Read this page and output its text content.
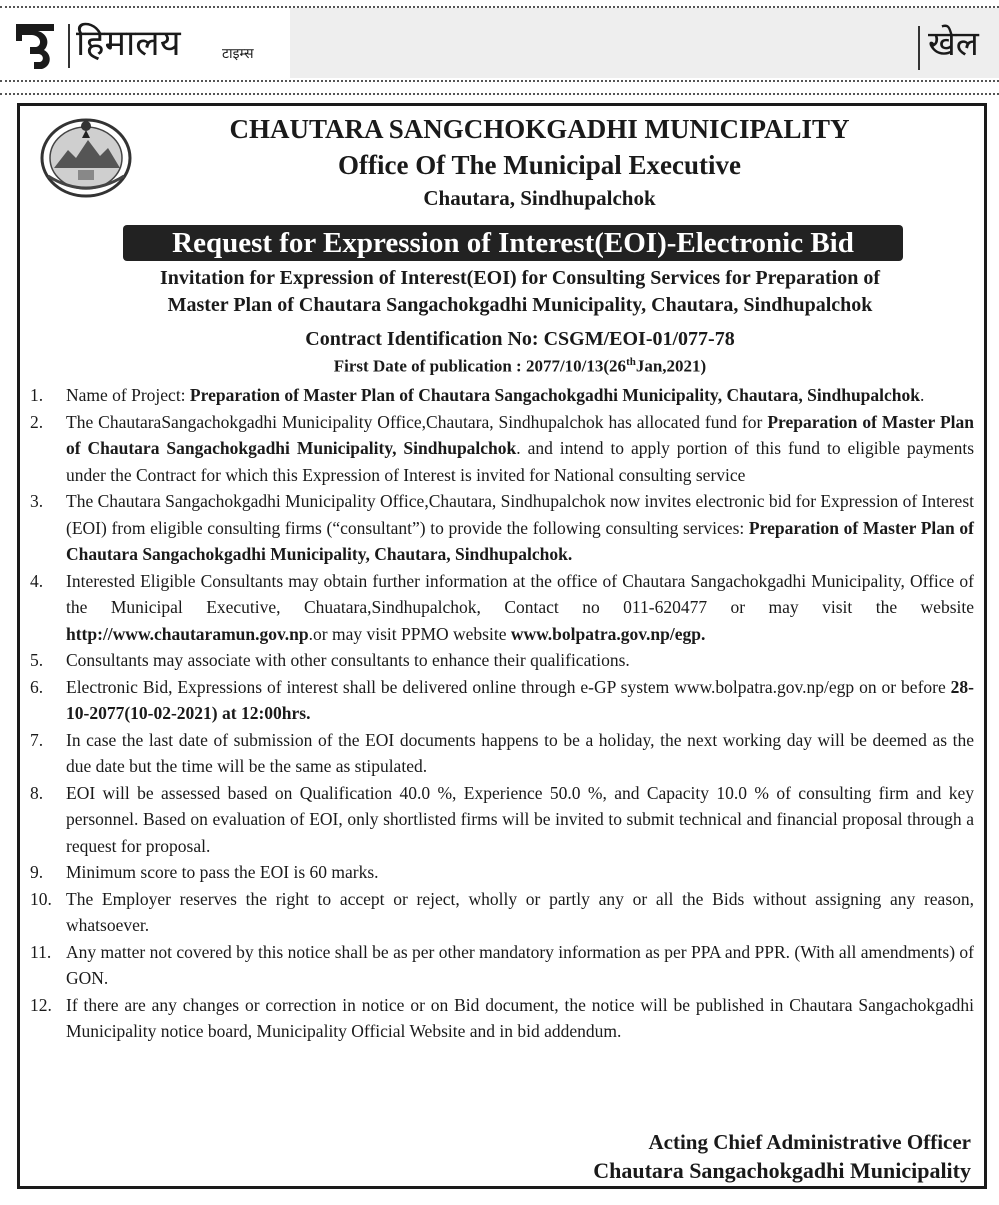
हिमालय	टाइम्स	खेल
CHAUTARA SANGCHOKGADHI MUNICIPALITY
Office Of The Municipal Executive
Chautara, Sindhupalchok
Request for Expression of Interest(EOI)-Electronic Bid
Invitation for Expression of Interest(EOI) for Consulting Services for Preparation of
Master Plan of Chautara Sangachokgadhi Municipality, Chautara, Sindhupalchok
Contract Identification No: CSGM/EOI-01/077-78
First Date of publication : 2077/10/13(26thJan,2021)
1. Name of Project: Preparation of Master Plan of Chautara Sangachokgadhi Municipality, Chautara, Sindhupalchok.
2. The ChautaraSangachokgadhi Municipality Office,Chautara, Sindhupalchok has allocated fund for Preparation of Master Plan of Chautara Sangachokgadhi Municipality, Sindhupalchok. and intend to apply portion of this fund to eligible payments under the Contract for which this Expression of Interest is invited for National consulting service
3. The Chautara Sangachokgadhi Municipality Office,Chautara, Sindhupalchok now invites electronic bid for Expression of Interest (EOI) from eligible consulting firms (“consultant”) to provide the following consulting services: Preparation of Master Plan of Chautara Sangachokgadhi Municipality, Chautara, Sindhupalchok.
4. Interested Eligible Consultants may obtain further information at the office of Chautara Sangachokgadhi Municipality, Office of the Municipal Executive, Chuatara,Sindhupalchok, Contact no 011-620477 or may visit the website http://www.chautaramun.gov.np.or may visit PPMO website www.bolpatra.gov.np/egp.
5. Consultants may associate with other consultants to enhance their qualifications.
6. Electronic Bid, Expressions of interest shall be delivered online through e-GP system www.bolpatra.gov.np/egp on or before 28-10-2077(10-02-2021) at 12:00hrs.
7. In case the last date of submission of the EOI documents happens to be a holiday, the next working day will be deemed as the due date but the time will be the same as stipulated.
8. EOI will be assessed based on Qualification 40.0 %, Experience 50.0 %, and Capacity 10.0 % of consulting firm and key personnel. Based on evaluation of EOI, only shortlisted firms will be invited to submit technical and financial proposal through a request for proposal.
9. Minimum score to pass the EOI is 60 marks.
10. The Employer reserves the right to accept or reject, wholly or partly any or all the Bids without assigning any reason, whatsoever.
11. Any matter not covered by this notice shall be as per other mandatory information as per PPA and PPR. (With all amendments) of GON.
12. If there are any changes or correction in notice or on Bid document, the notice will be published in Chautara Sangachokgadhi Municipality notice board, Municipality Official Website and in bid addendum.
Acting Chief Administrative Officer
Chautara Sangachokgadhi Municipality
